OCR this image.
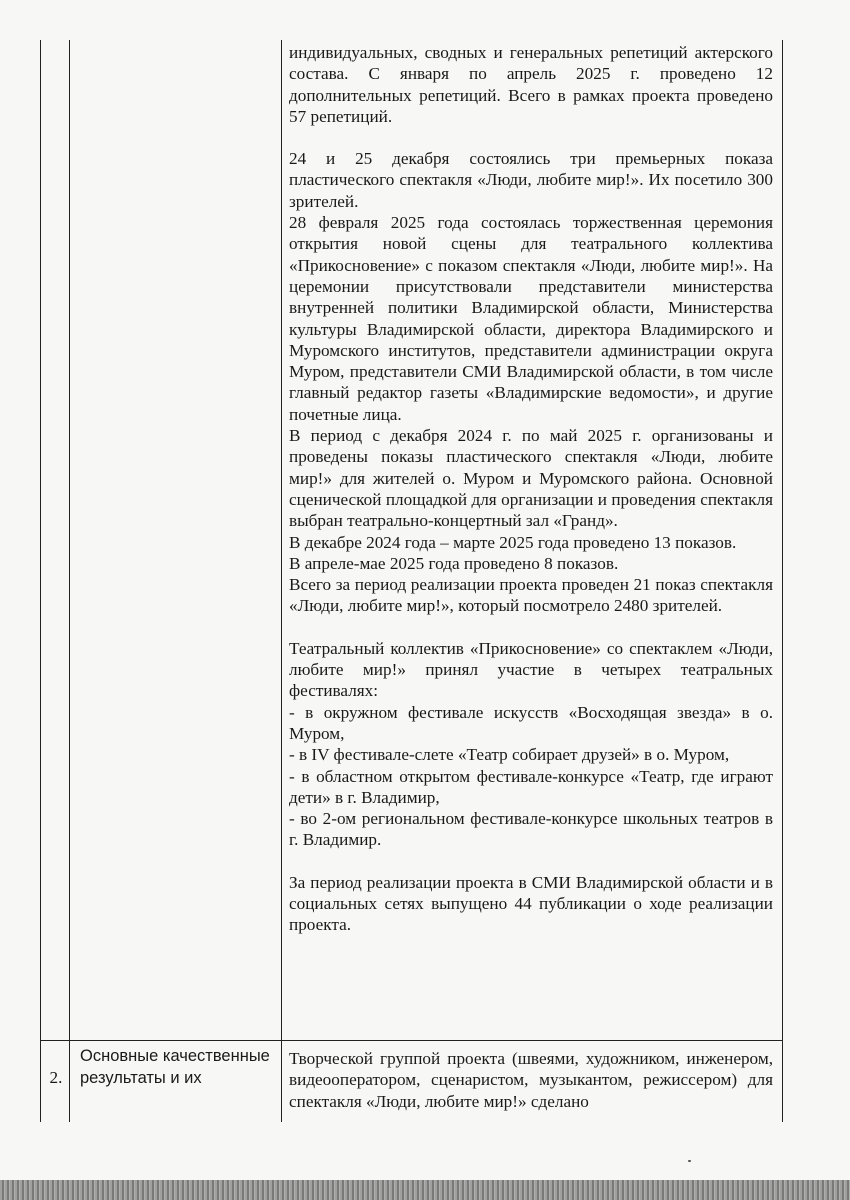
индивидуальных, сводных и генеральных репетиций актерского состава. С января по апрель 2025 г. проведено 12 дополнительных репетиций. Всего в рамках проекта проведено 57 репетиций.

24 и 25 декабря состоялись три премьерных показа пластического спектакля «Люди, любите мир!». Их посетило 300 зрителей.

28 февраля 2025 года состоялась торжественная церемония открытия новой сцены для театрального коллектива «Прикосновение» с показом спектакля «Люди, любите мир!». На церемонии присутствовали представители министерства внутренней политики Владимирской области, Министерства культуры Владимирской области, директора Владимирского и Муромского институтов, представители администрации округа Муром, представители СМИ Владимирской области, в том числе главный редактор газеты «Владимирские ведомости», и другие почетные лица.

В период с декабря 2024 г. по май 2025 г. организованы и проведены показы пластического спектакля «Люди, любите мир!» для жителей о. Муром и Муромского района. Основной сценической площадкой для организации и проведения спектакля выбран театрально-концертный зал «Гранд».

В декабре 2024 года – марте 2025 года проведено 13 показов.

В апреле-мае 2025 года проведено 8 показов.

Всего за период реализации проекта проведен 21 показ спектакля «Люди, любите мир!», который посмотрело 2480 зрителей.

Театральный коллектив «Прикосновение» со спектаклем «Люди, любите мир!» принял участие в четырех театральных фестивалях:

- в окружном фестивале искусств «Восходящая звезда» в о. Муром,

- в IV фестивале-слете «Театр собирает друзей» в о. Муром,

- в областном открытом фестивале-конкурсе «Театр, где играют дети» в г. Владимир,

- во 2-ом региональном фестивале-конкурсе школьных театров в г. Владимир.

За период реализации проекта в СМИ Владимирской области и в социальных сетях выпущено 44 публикации о ходе реализации проекта.

2.
Основные качественные результаты и их
Творческой группой проекта (швеями, художником, инженером, видеооператором, сценаристом, музыкантом, режиссером) для спектакля «Люди, любите мир!» сделано
